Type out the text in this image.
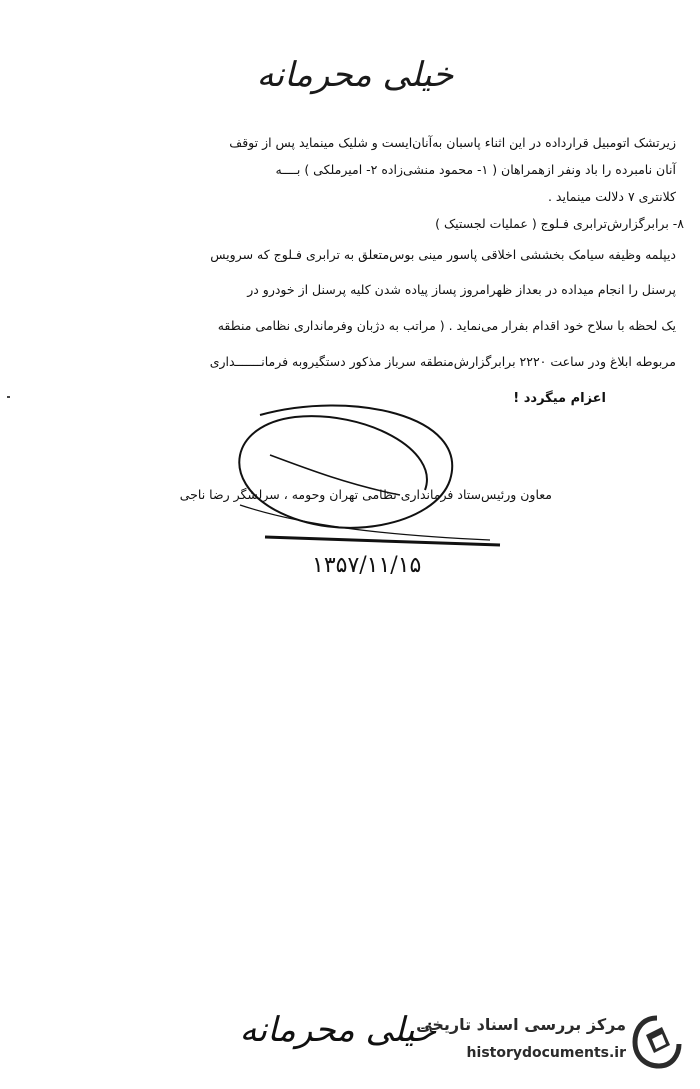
خیلی محرمانه
زیرتشک اتومبیل قرارداده در این اثناء پاسبان به‌آنان‌ایست و شلیک مینماید پس از توقف
آنان نامبرده را باد ونفر ازهمراهان ( ۱- محمود منشی‌زاده ۲- امیرملکی ) بــــه
کلانتری ۷ دلالت مینماید .
۸- برابرگزارش‌ترابری فـلوج ( عملیات لجستیک )
دیپلمه وظیفه سیامک بخششی اخلاقی پاسور مینی بوس‌متعلق به ترابری فـلوج که سرویس
پرسنل را انجام میداده در بعداز ظهرامروز پساز پیاده شدن کلیه پرسنل از خودرو در
یک لحظه با سلاح خود اقدام بفرار می‌نماید . ( مراتب به دژبان وفرمانداری نظامی منطقه
مربوطه ابلاغ ودر ساعت ۲۲۲۰ برابرگزارش‌منطقه سرباز مذکور دستگیروبه فرمانـــــــداری
اعزام میگردد !
معاون ورئیس‌ستاد فرمانداری نظامی تهران وحومه ، سرلشگر رضا ناجی
۱۳۵۷/۱۱/۱۵
خیلی محرمانه
مرکز بررسی اسناد تاریخی
historydocuments.ir
